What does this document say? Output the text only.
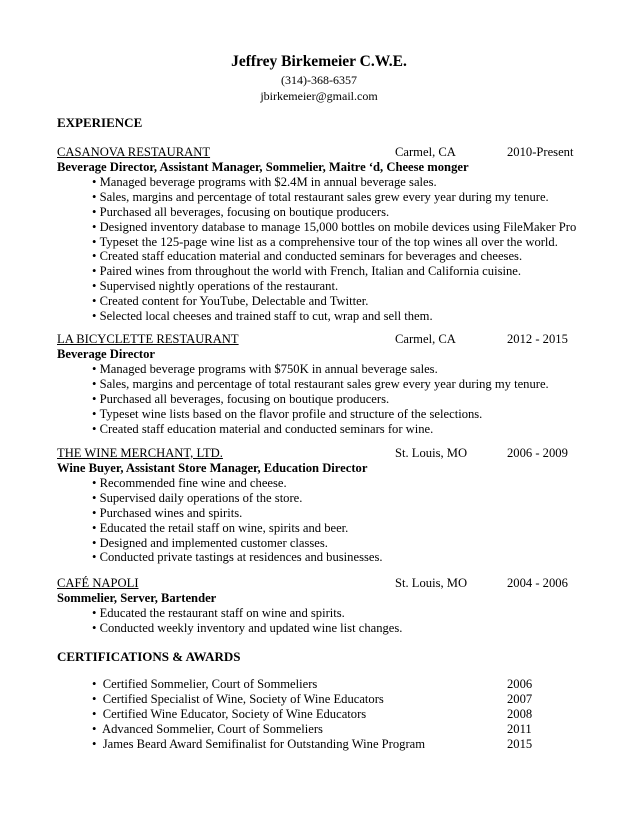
Jeffrey Birkemeier C.W.E.
(314)-368-6357
jbirkemeier@gmail.com
EXPERIENCE
CASANOVA RESTAURANT	Carmel, CA	2010-Present
Beverage Director, Assistant Manager, Sommelier, Maitre ‘d, Cheese monger
• Managed beverage programs with $2.4M in annual beverage sales.
• Sales, margins and percentage of total restaurant sales grew every year during my tenure.
• Purchased all beverages, focusing on boutique producers.
• Designed inventory database to manage 15,000 bottles on mobile devices using FileMaker Pro
• Typeset the 125-page wine list as a comprehensive tour of the top wines all over the world.
• Created staff education material and conducted seminars for beverages and cheeses.
• Paired wines from throughout the world with French, Italian and California cuisine.
• Supervised nightly operations of the restaurant.
• Created content for YouTube, Delectable and Twitter.
• Selected local cheeses and trained staff to cut, wrap and sell them.
LA BICYCLETTE RESTAURANT	Carmel, CA	2012 - 2015
Beverage Director
• Managed beverage programs with $750K in annual beverage sales.
• Sales, margins and percentage of total restaurant sales grew every year during my tenure.
• Purchased all beverages, focusing on boutique producers.
• Typeset wine lists based on the flavor profile and structure of the selections.
• Created staff education material and conducted seminars for wine.
THE WINE MERCHANT, LTD.	St. Louis, MO	2006 - 2009
Wine Buyer, Assistant Store Manager, Education Director
• Recommended fine wine and cheese.
• Supervised daily operations of the store.
• Purchased wines and spirits.
• Educated the retail staff on wine, spirits and beer.
• Designed and implemented customer classes.
• Conducted private tastings at residences and businesses.
CAFÉ NAPOLI	St. Louis, MO	2004 - 2006
Sommelier, Server, Bartender
• Educated the restaurant staff on wine and spirits.
• Conducted weekly inventory and updated wine list changes.
CERTIFICATIONS & AWARDS
• Certified Sommelier, Court of Sommeliers	2006
• Certified Specialist of Wine, Society of Wine Educators	2007
• Certified Wine Educator, Society of Wine Educators	2008
• Advanced Sommelier, Court of Sommeliers	2011
• James Beard Award Semifinalist for Outstanding Wine Program	2015
